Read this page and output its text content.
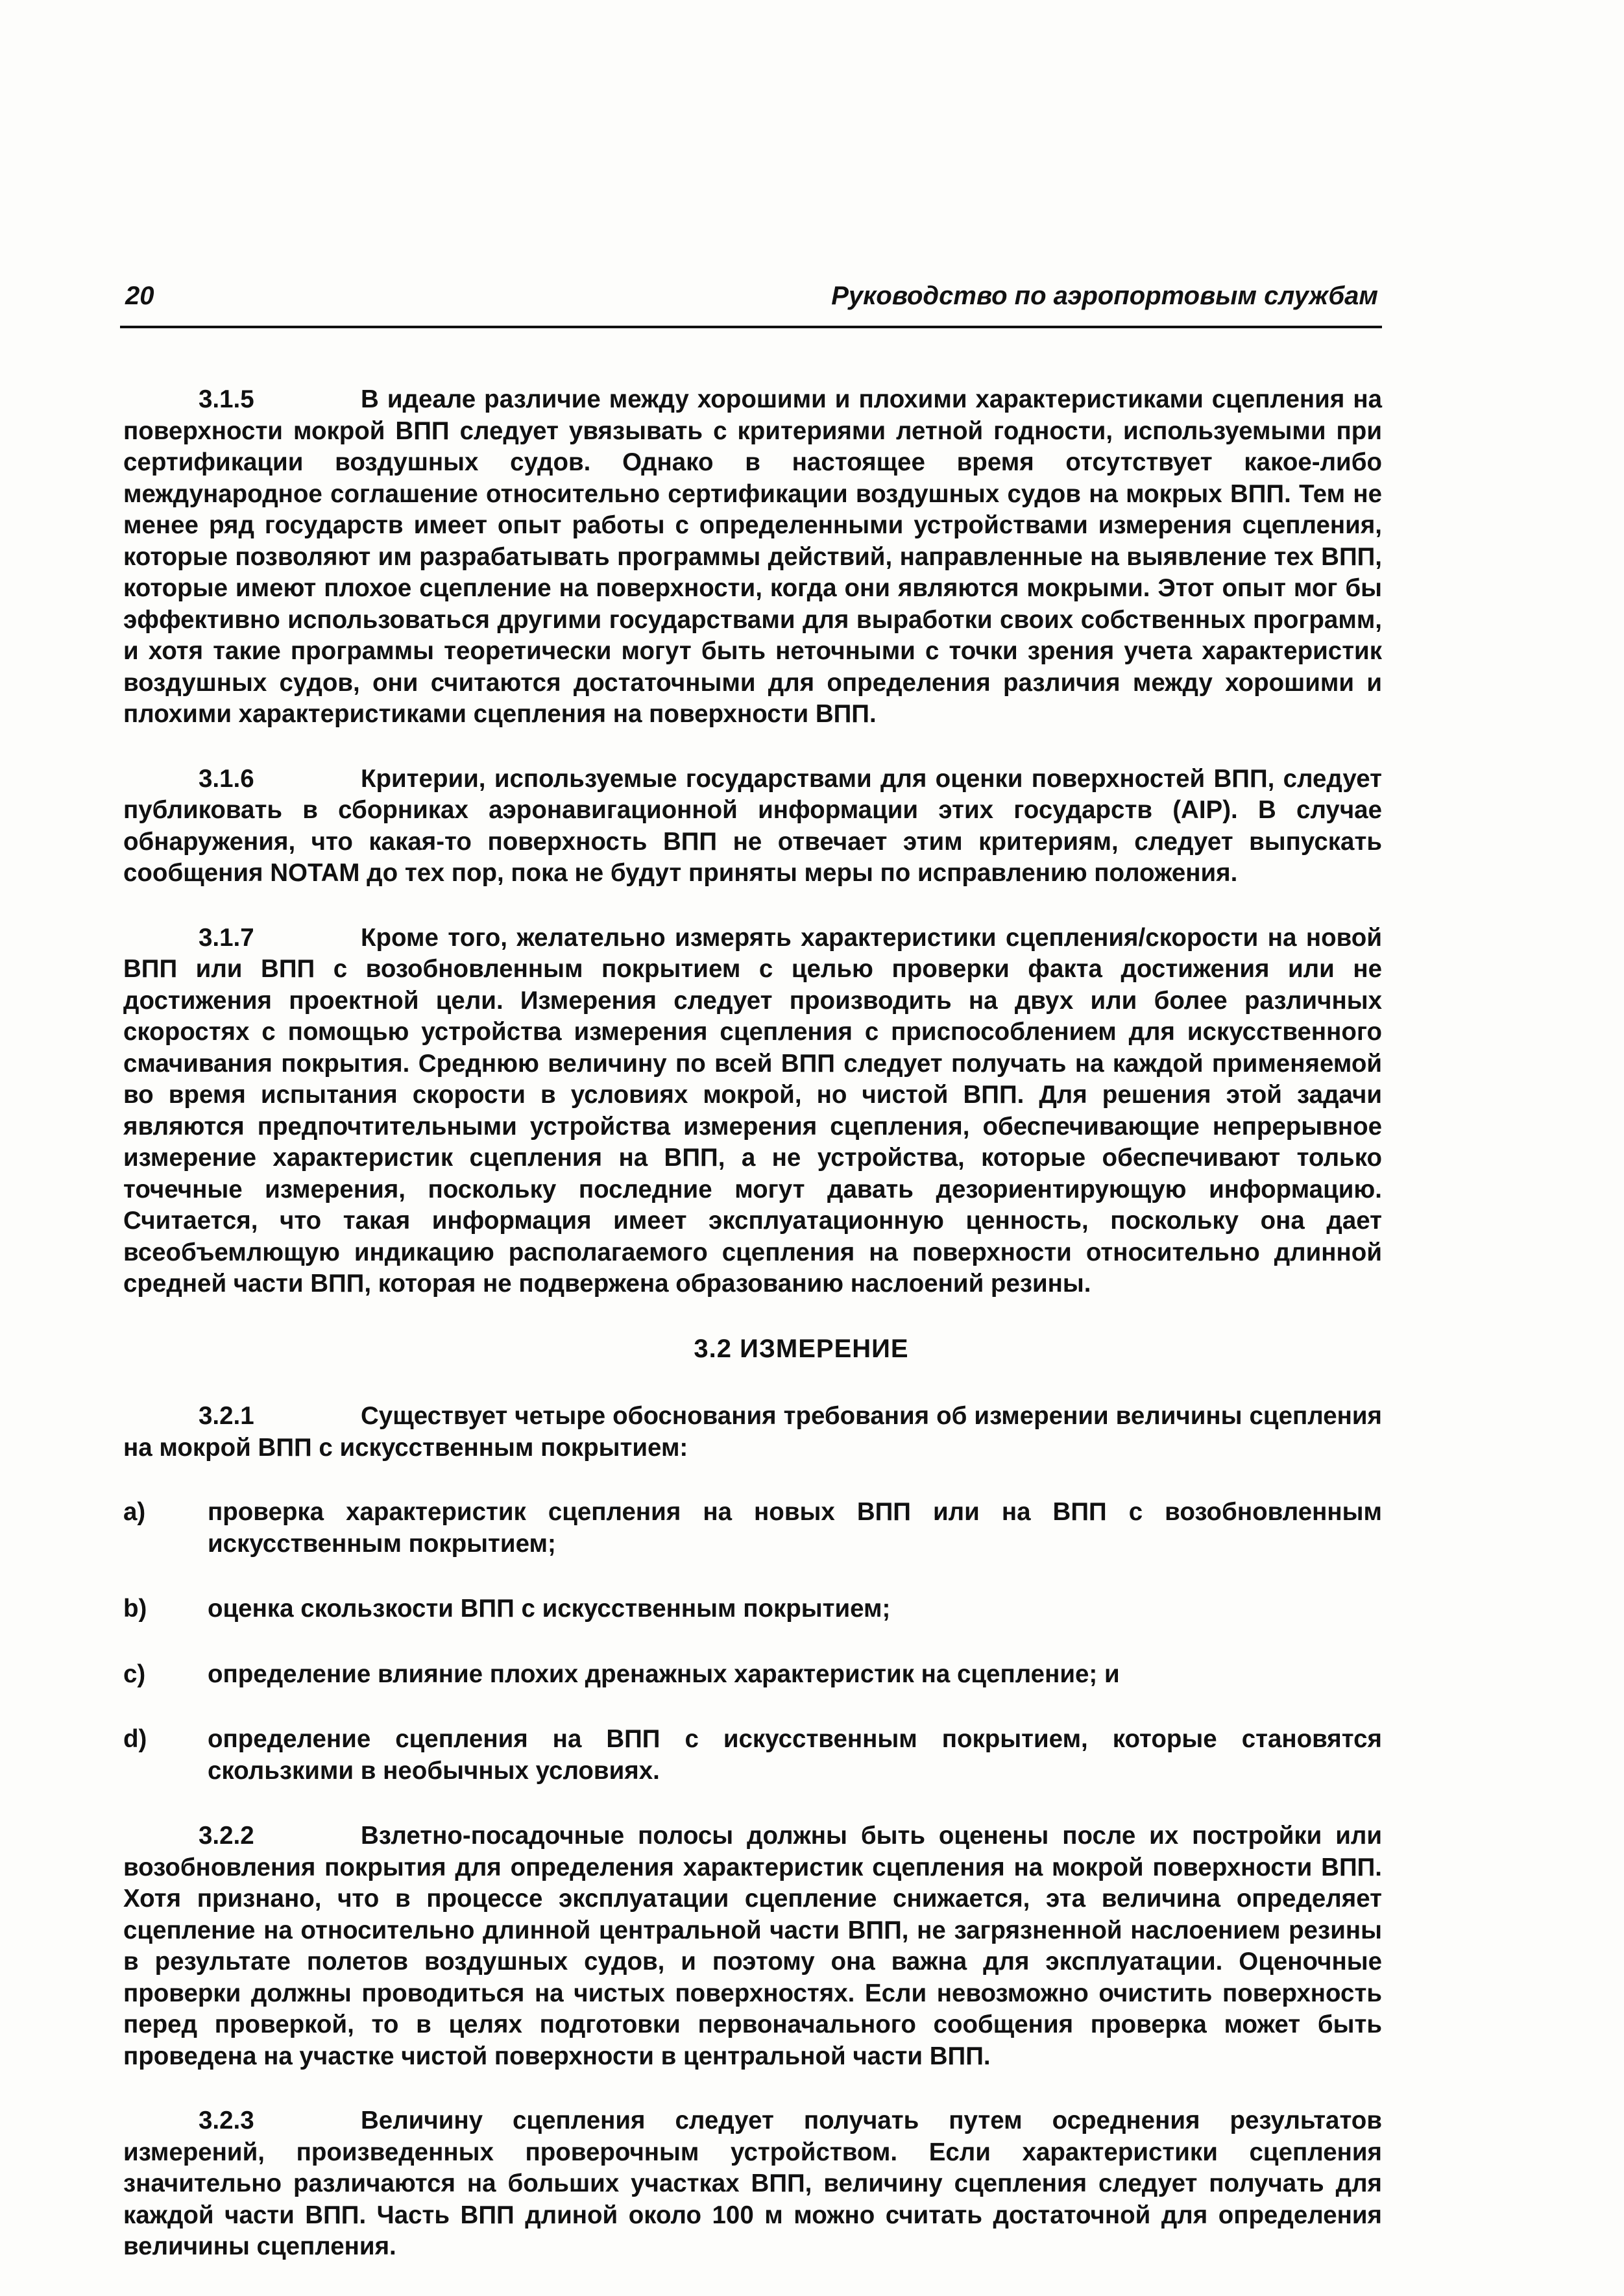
20	Руководство по аэропортовым службам

3.1.5	В идеале различие между хорошими и плохими характеристиками сцепления на поверхности мокрой ВПП следует увязывать с критериями летной годности, используемыми при сертификации воздушных судов. Однако в настоящее время отсутствует какое-либо международное соглашение относительно сертификации воздушных судов на мокрых ВПП. Тем не менее ряд государств имеет опыт работы с определенными устройствами измерения сцепления, которые позволяют им разрабатывать программы действий, направленные на выявление тех ВПП, которые имеют плохое сцепление на поверхности, когда они являются мокрыми. Этот опыт мог бы эффективно использоваться другими государствами для выработки своих собственных программ, и хотя такие программы теоретически могут быть неточными с точки зрения учета характеристик воздушных судов, они считаются достаточными для определения различия между хорошими и плохими характеристиками сцепления на поверхности ВПП.

3.1.6	Критерии, используемые государствами для оценки поверхностей ВПП, следует публиковать в сборниках аэронавигационной информации этих государств (AIP). В случае обнаружения, что какая-то поверхность ВПП не отвечает этим критериям, следует выпускать сообщения NOTAM до тех пор, пока не будут приняты меры по исправлению положения.

3.1.7	Кроме того, желательно измерять характеристики сцепления/скорости на новой ВПП или ВПП с возобновленным покрытием с целью проверки факта достижения или не достижения проектной цели. Измерения следует производить на двух или более различных скоростях с помощью устройства измерения сцепления с приспособлением для искусственного смачивания покрытия. Среднюю величину по всей ВПП следует получать на каждой применяемой во время испытания скорости в условиях мокрой, но чистой ВПП. Для решения этой задачи являются предпочтительными устройства измерения сцепления, обеспечивающие непрерывное измерение характеристик сцепления на ВПП, а не устройства, которые обеспечивают только точечные измерения, поскольку последние могут давать дезориентирующую информацию. Считается, что такая информация имеет эксплуатационную ценность, поскольку она дает всеобъемлющую индикацию располагаемого сцепления на поверхности относительно длинной средней части ВПП, которая не подвержена образованию наслоений резины.

3.2 ИЗМЕРЕНИЕ

3.2.1	Существует четыре обоснования требования об измерении величины сцепления на мокрой ВПП с искусственным покрытием:

a)	проверка характеристик сцепления на новых ВПП или на ВПП с возобновленным искусственным покрытием;
b)	оценка скользкости ВПП с искусственным покрытием;
c)	определение влияние плохих дренажных характеристик на сцепление; и
d)	определение сцепления на ВПП с искусственным покрытием, которые становятся скользкими в необычных условиях.

3.2.2	Взлетно-посадочные полосы должны быть оценены после их постройки или возобновления покрытия для определения характеристик сцепления на мокрой поверхности ВПП. Хотя признано, что в процессе эксплуатации сцепление снижается, эта величина определяет сцепление на относительно длинной центральной части ВПП, не загрязненной наслоением резины в результате полетов воздушных судов, и поэтому она важна для эксплуатации. Оценочные проверки должны проводиться на чистых поверхностях. Если невозможно очистить поверхность перед проверкой, то в целях подготовки первоначального сообщения проверка может быть проведена на участке чистой поверхности в центральной части ВПП.

3.2.3	Величину сцепления следует получать путем осреднения результатов измерений, произведенных проверочным устройством. Если характеристики сцепления значительно различаются на больших участках ВПП, величину сцепления следует получать для каждой части ВПП. Часть ВПП длиной около 100 м можно считать достаточной для определения величины сцепления.
